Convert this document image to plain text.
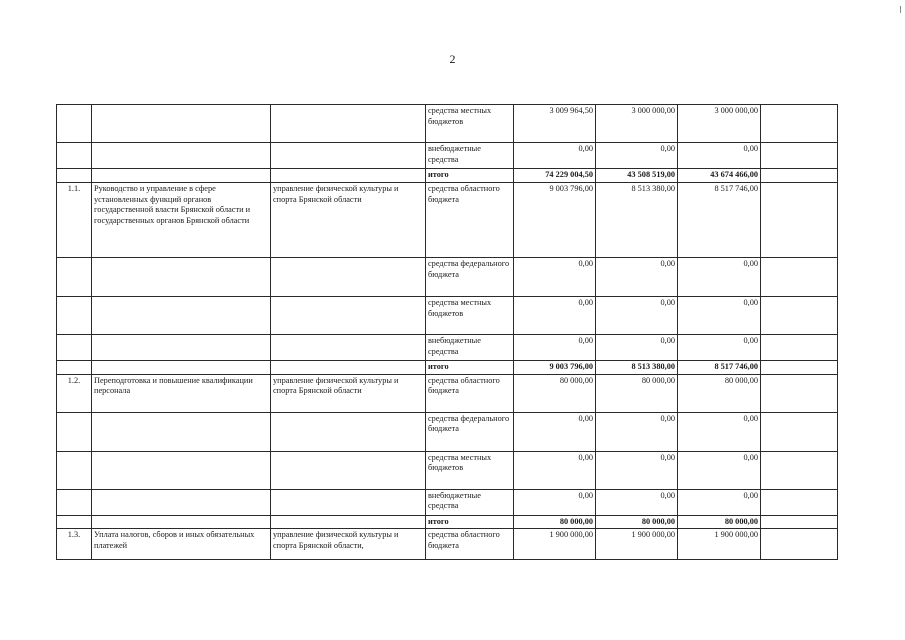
2
			средства местных бюджетов	3 009 964,50	3 000 000,00	3 000 000,00	
			внебюджетные средства	0,00	0,00	0,00	
			итого	74 229 004,50	43 508 519,00	43 674 466,00	
1.1.	Руководство и управление в сфере установленных функций органов государственной власти Брянской области и государственных органов Брянской области	управление физической культуры и спорта Брянской области	средства областного бюджета	9 003 796,00	8 513 380,00	8 517 746,00	
			средства федерального бюджета	0,00	0,00	0,00	
			средства местных бюджетов	0,00	0,00	0,00	
			внебюджетные средства	0,00	0,00	0,00	
			итого	9 003 796,00	8 513 380,00	8 517 746,00	
1.2.	Переподготовка и повышение квалификации персонала	управление физической культуры и спорта Брянской области	средства областного бюджета	80 000,00	80 000,00	80 000,00	
			средства федерального бюджета	0,00	0,00	0,00	
			средства местных бюджетов	0,00	0,00	0,00	
			внебюджетные средства	0,00	0,00	0,00	
			итого	80 000,00	80 000,00	80 000,00	
1.3.	Уплата налогов, сборов и иных обязательных платежей	управление физической культуры и спорта Брянской области,	средства областного бюджета	1 900 000,00	1 900 000,00	1 900 000,00	
